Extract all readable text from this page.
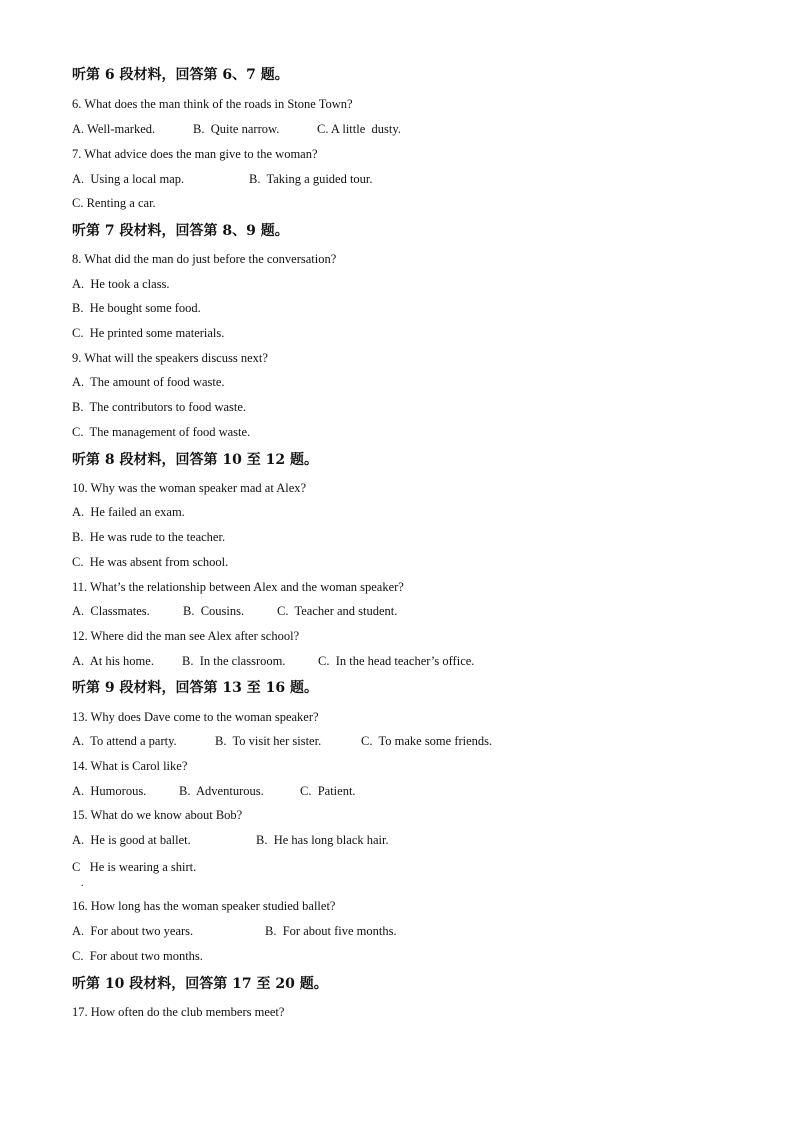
听第 6 段材料，回答第 6、7 题。
6. What does the man think of the roads in Stone Town?
A. Well-marked.	B.  Quite narrow.	C. A little  dusty.
7. What advice does the man give to the woman?
A.  Using a local map.	B.  Taking a guided tour.
C. Renting a car.
听第 7 段材料，回答第 8、9 题。
8. What did the man do just before the conversation?
A.  He took a class.
B.  He bought some food.
C.  He printed some materials.
9. What will the speakers discuss next?
A.  The amount of food waste.
B.  The contributors to food waste.
C.  The management of food waste.
听第 8 段材料，回答第 10 至 12 题。
10. Why was the woman speaker mad at Alex?
A.  He failed an exam.
B.  He was rude to the teacher.
C.  He was absent from school.
11. What’s the relationship between Alex and the woman speaker?
A.  Classmates.	B.  Cousins.	C.  Teacher and student.
12. Where did the man see Alex after school?
A.  At his home. B.  In the classroom.	C.  In the head teacher’s office.
听第 9 段材料，回答第 13 至 16 题。
13. Why does Dave come to the woman speaker?
A.  To attend a party.	B.  To visit her sister.	C.  To make some friends.
14. What is Carol like?
A.  Humorous.	B.  Adventurous.	C.  Patient.
15. What do we know about Bob?
A.  He is good at ballet.	B.  He has long black hair.
C   He is wearing a shirt.
.
16. How long has the woman speaker studied ballet?
A.  For about two years.	B.  For about five months.
C.  For about two months.
听第 10 段材料，回答第 17 至 20 题。
17. How often do the club members meet?
